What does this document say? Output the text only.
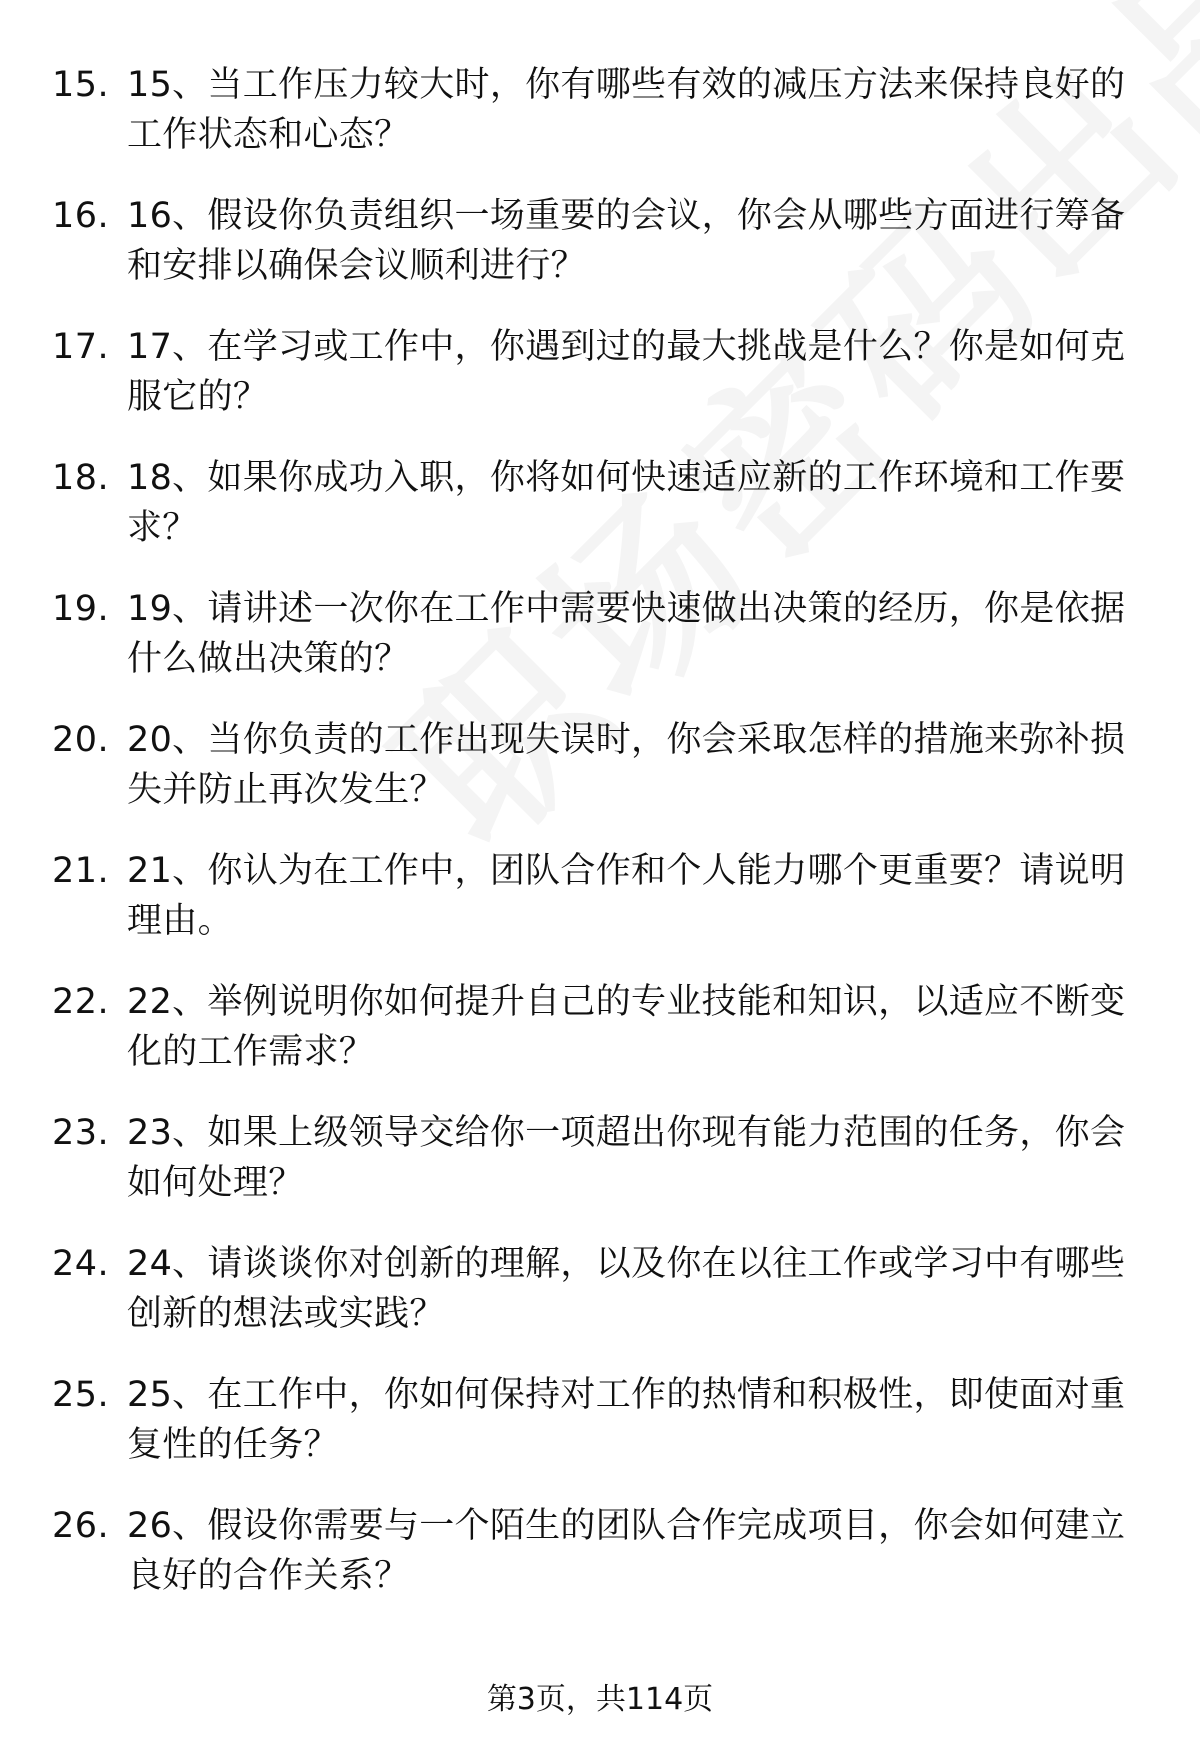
15. 15、当工作压力较大时，你有哪些有效的减压方法来保持良好的工作状态和心态？
16. 16、假设你负责组织一场重要的会议，你会从哪些方面进行筹备和安排以确保会议顺利进行？
17. 17、在学习或工作中，你遇到过的最大挑战是什么？你是如何克服它的？
18. 18、如果你成功入职，你将如何快速适应新的工作环境和工作要求？
19. 19、请讲述一次你在工作中需要快速做出决策的经历，你是依据什么做出决策的？
20. 20、当你负责的工作出现失误时，你会采取怎样的措施来弥补损失并防止再次发生？
21. 21、你认为在工作中，团队合作和个人能力哪个更重要？请说明理由。
22. 22、举例说明你如何提升自己的专业技能和知识，以适应不断变化的工作需求？
23. 23、如果上级领导交给你一项超出你现有能力范围的任务，你会如何处理？
24. 24、请谈谈你对创新的理解，以及你在以往工作或学习中有哪些创新的想法或实践？
25. 25、在工作中，你如何保持对工作的热情和积极性，即使面对重复性的任务？
26. 26、假设你需要与一个陌生的团队合作完成项目，你会如何建立良好的合作关系？
第3页，共114页
